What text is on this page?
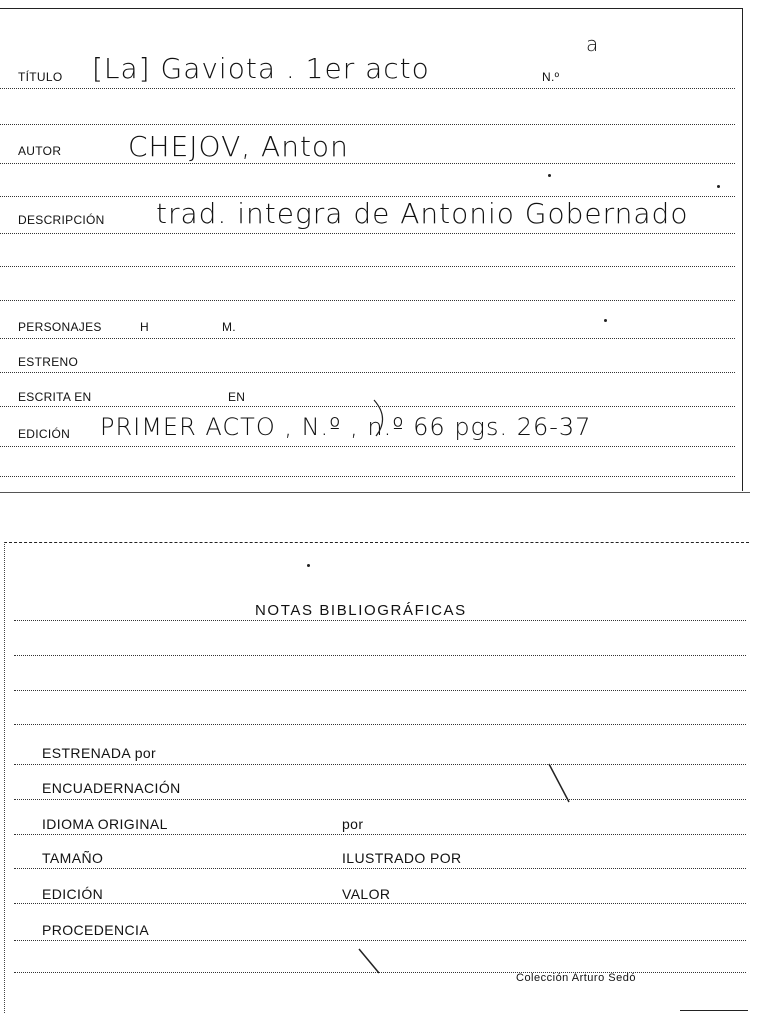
TÍTULO [La] Gaviota . 1er acto	N.º
a
AUTOR CHEJOV, Anton
DESCRIPCIÓN trad. integra de Antonio Gobernado
PERSONAJES	H	M.
ESTRENO
ESCRITA EN	EN
EDICIÓN PRIMER ACTO , N.º , n.º 66 pgs. 26-37
NOTAS BIBLIOGRÁFICAS
ESTRENADA por
ENCUADERNACIÓN
IDIOMA ORIGINAL	por
TAMAÑO	ILUSTRADO POR
EDICIÓN	VALOR
PROCEDENCIA
Colección Arturo Sedó
